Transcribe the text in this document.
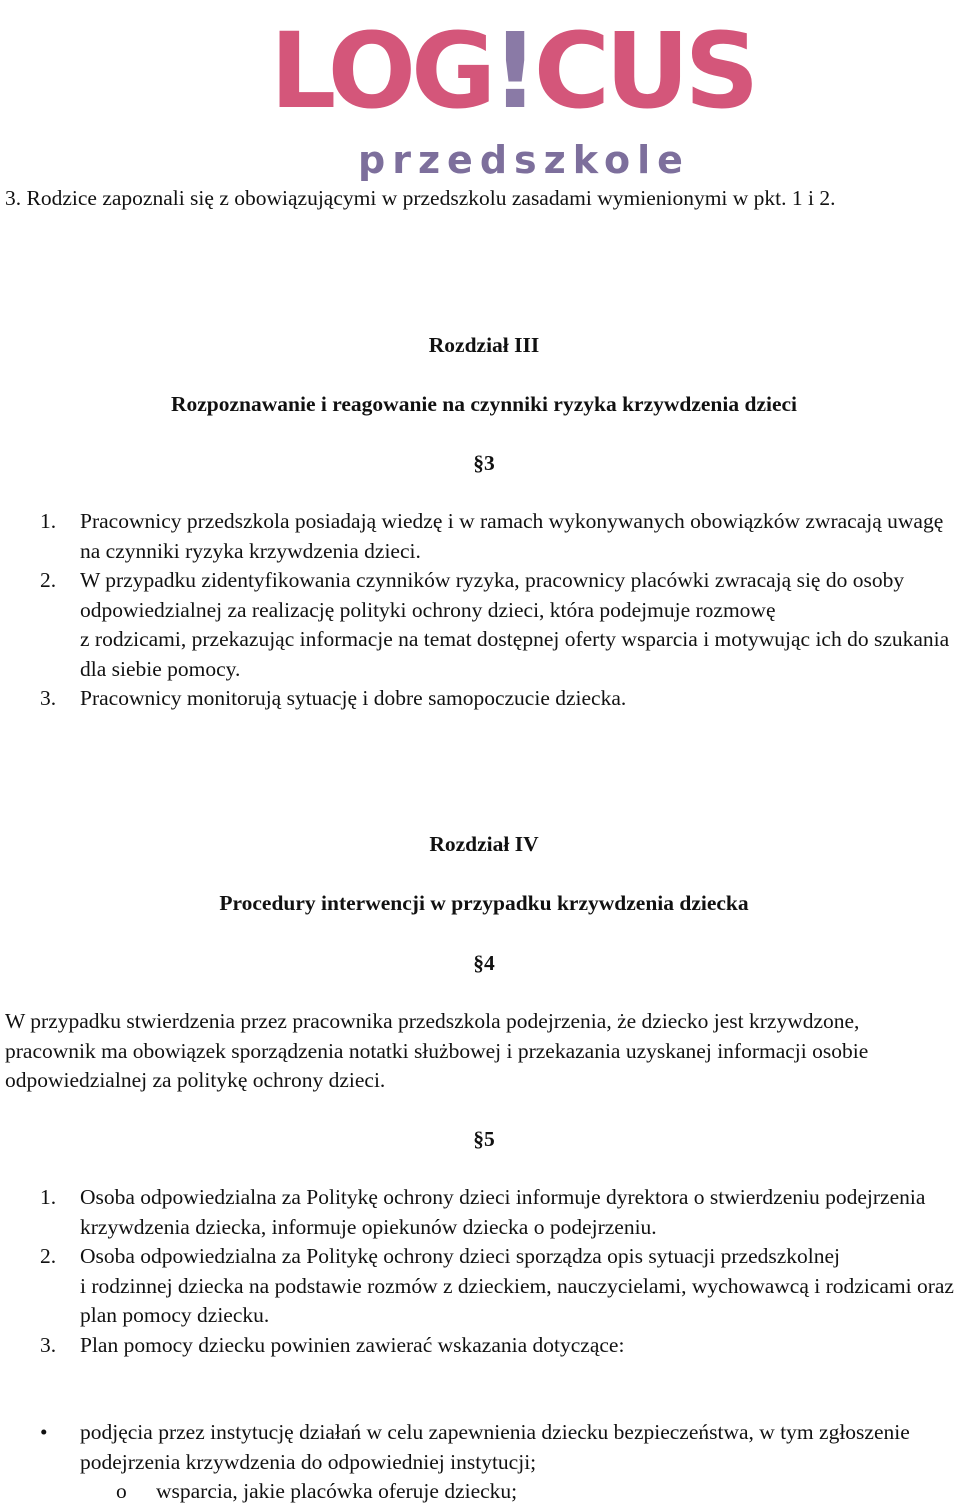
LOG!CUS
przedszkole
3. Rodzice zapoznali się z obowiązującymi w przedszkolu zasadami wymienionymi w pkt. 1 i 2.
Rozdział III
Rozpoznawanie i reagowanie na czynniki ryzyka krzywdzenia dzieci
§3
1.	Pracownicy przedszkola posiadają wiedzę i w ramach wykonywanych obowiązków zwracają uwagę na czynniki ryzyka krzywdzenia dzieci.
2.	W przypadku zidentyfikowania czynników ryzyka, pracownicy placówki zwracają się do osoby odpowiedzialnej za realizację polityki ochrony dzieci, która podejmuje rozmowę
z rodzicami, przekazując informacje na temat dostępnej oferty wsparcia i motywując ich do szukania dla siebie pomocy.
3.	Pracownicy monitorują sytuację i dobre samopoczucie dziecka.
Rozdział IV
Procedury interwencji w przypadku krzywdzenia dziecka
§4
W przypadku stwierdzenia przez pracownika przedszkola podejrzenia, że dziecko jest krzywdzone, pracownik ma obowiązek sporządzenia notatki służbowej i przekazania uzyskanej informacji osobie odpowiedzialnej za politykę ochrony dzieci.
§5
1.	Osoba odpowiedzialna za Politykę ochrony dzieci informuje dyrektora o stwierdzeniu podejrzenia krzywdzenia dziecka, informuje opiekunów dziecka o podejrzeniu.
2.	Osoba odpowiedzialna za Politykę ochrony dzieci sporządza opis sytuacji przedszkolnej
i rodzinnej dziecka na podstawie rozmów z dzieckiem, nauczycielami, wychowawcą i rodzicami oraz plan pomocy dziecku.
3.	Plan pomocy dziecku powinien zawierać wskazania dotyczące:
•	podjęcia przez instytucję działań w celu zapewnienia dziecku bezpieczeństwa, w tym zgłoszenie podejrzenia krzywdzenia do odpowiedniej instytucji;
o	wsparcia, jakie placówka oferuje dziecku;
